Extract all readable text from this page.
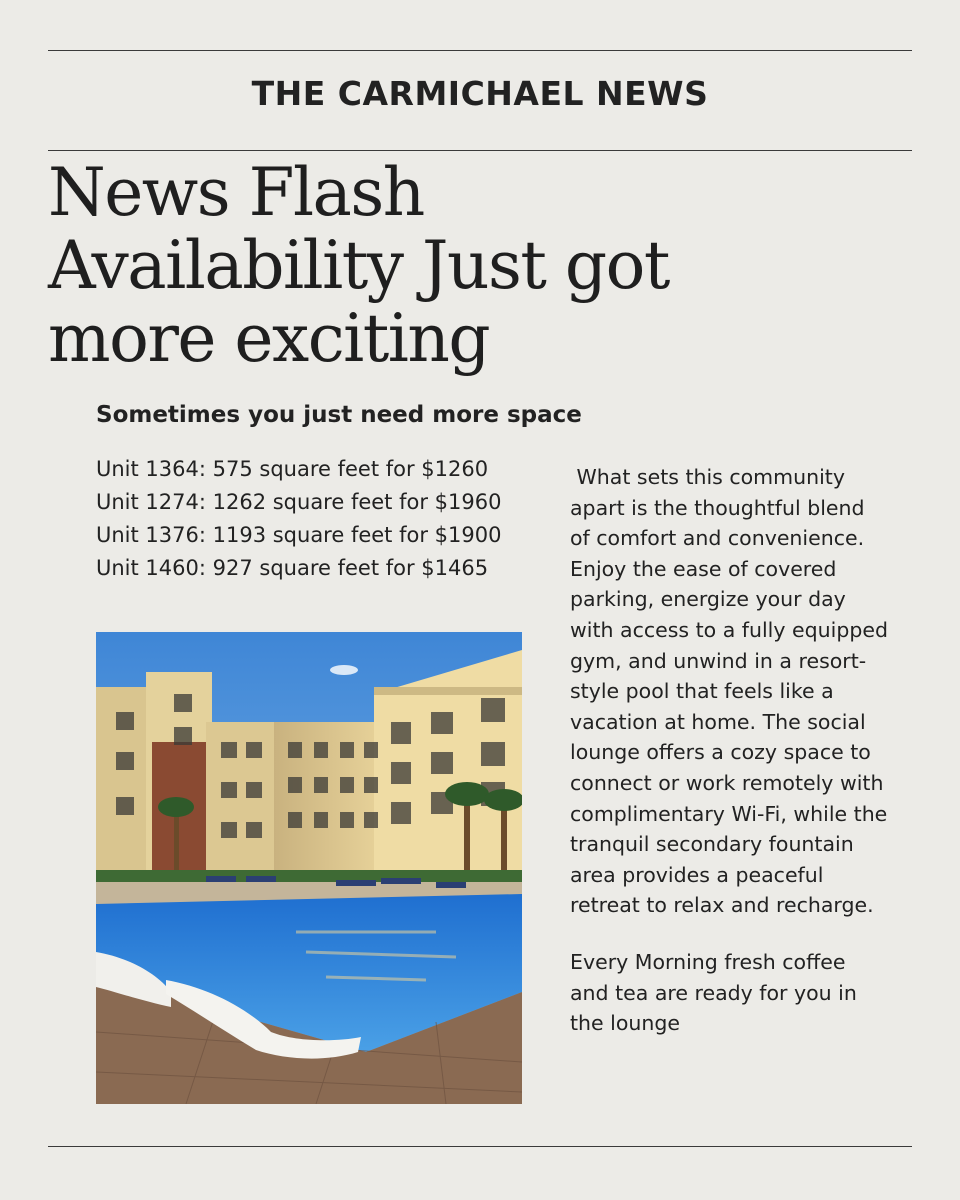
THE CARMICHAEL NEWS
News Flash
Availability Just got
more exciting
Sometimes you just need more space
Unit 1364: 575 square feet for $1260
Unit 1274: 1262 square feet for $1960
Unit 1376: 1193 square feet for $1900
Unit 1460: 927 square feet for $1465

What sets this community apart is the thoughtful blend of comfort and convenience. Enjoy the ease of covered parking, energize your day with access to a fully equipped gym, and unwind in a resort-style pool that feels like a vacation at home. The social lounge offers a cozy space to connect or work remotely with complimentary Wi-Fi, while the tranquil secondary fountain area provides a peaceful retreat to relax and recharge.

Every Morning fresh coffee and tea are ready for you in the lounge
